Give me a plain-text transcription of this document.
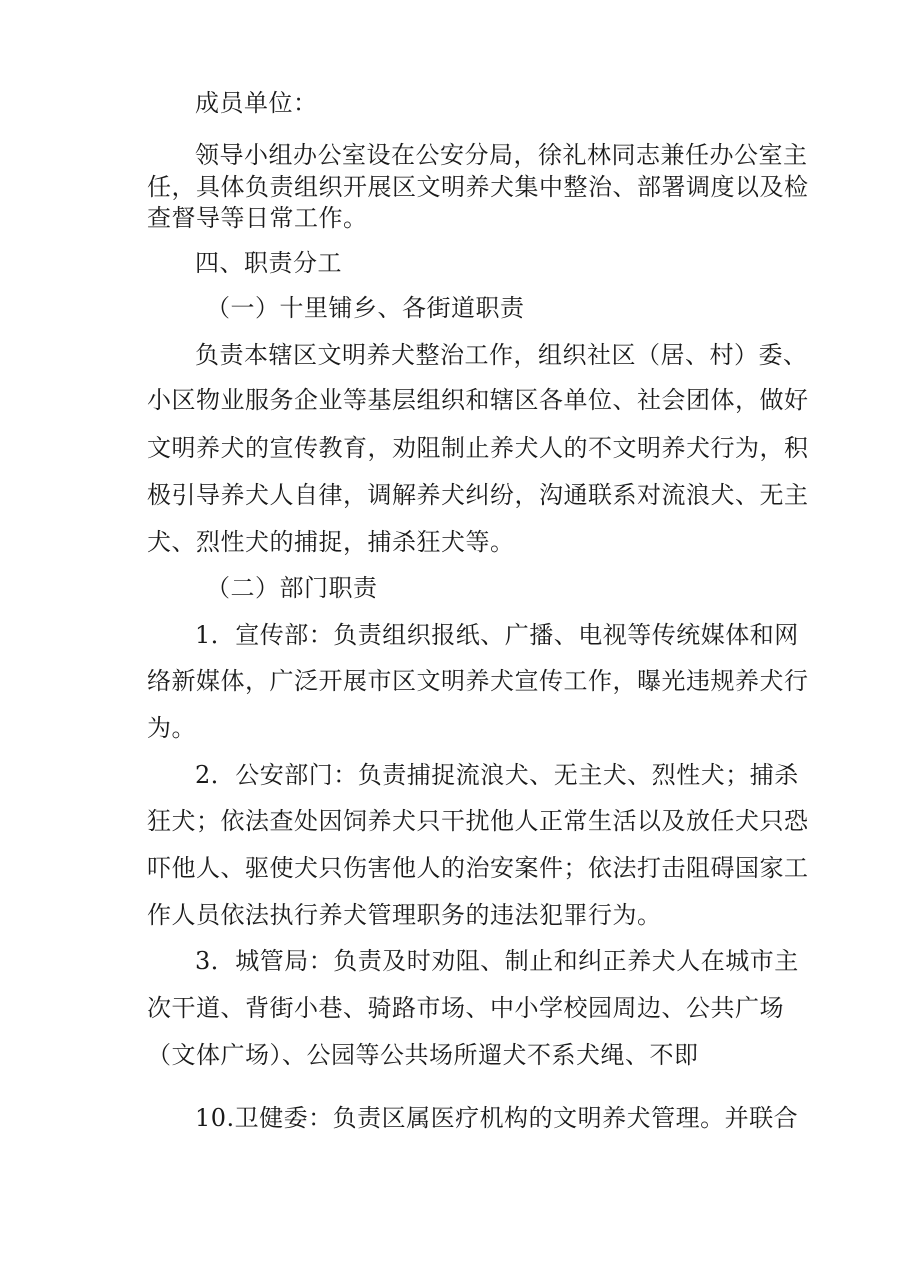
成员单位：
领导小组办公室设在公安分局，徐礼林同志兼任办公室主
任，具体负责组织开展区文明养犬集中整治、部署调度以及检
查督导等日常工作。
四、职责分工
（一）十里铺乡、各街道职责
负责本辖区文明养犬整治工作，组织社区（居、村）委、
小区物业服务企业等基层组织和辖区各单位、社会团体，做好
文明养犬的宣传教育，劝阻制止养犬人的不文明养犬行为，积
极引导养犬人自律，调解养犬纠纷，沟通联系对流浪犬、无主
犬、烈性犬的捕捉，捕杀狂犬等。
（二）部门职责
1．宣传部：负责组织报纸、广播、电视等传统媒体和网
络新媒体，广泛开展市区文明养犬宣传工作，曝光违规养犬行
为。
2．公安部门：负责捕捉流浪犬、无主犬、烈性犬；捕杀
狂犬；依法查处因饲养犬只干扰他人正常生活以及放任犬只恐
吓他人、驱使犬只伤害他人的治安案件；依法打击阻碍国家工
作人员依法执行养犬管理职务的违法犯罪行为。
3．城管局：负责及时劝阻、制止和纠正养犬人在城市主
次干道、背街小巷、骑路市场、中小学校园周边、公共广场
（文体广场）、公园等公共场所遛犬不系犬绳、不即
10.卫健委：负责区属医疗机构的文明养犬管理。并联合
